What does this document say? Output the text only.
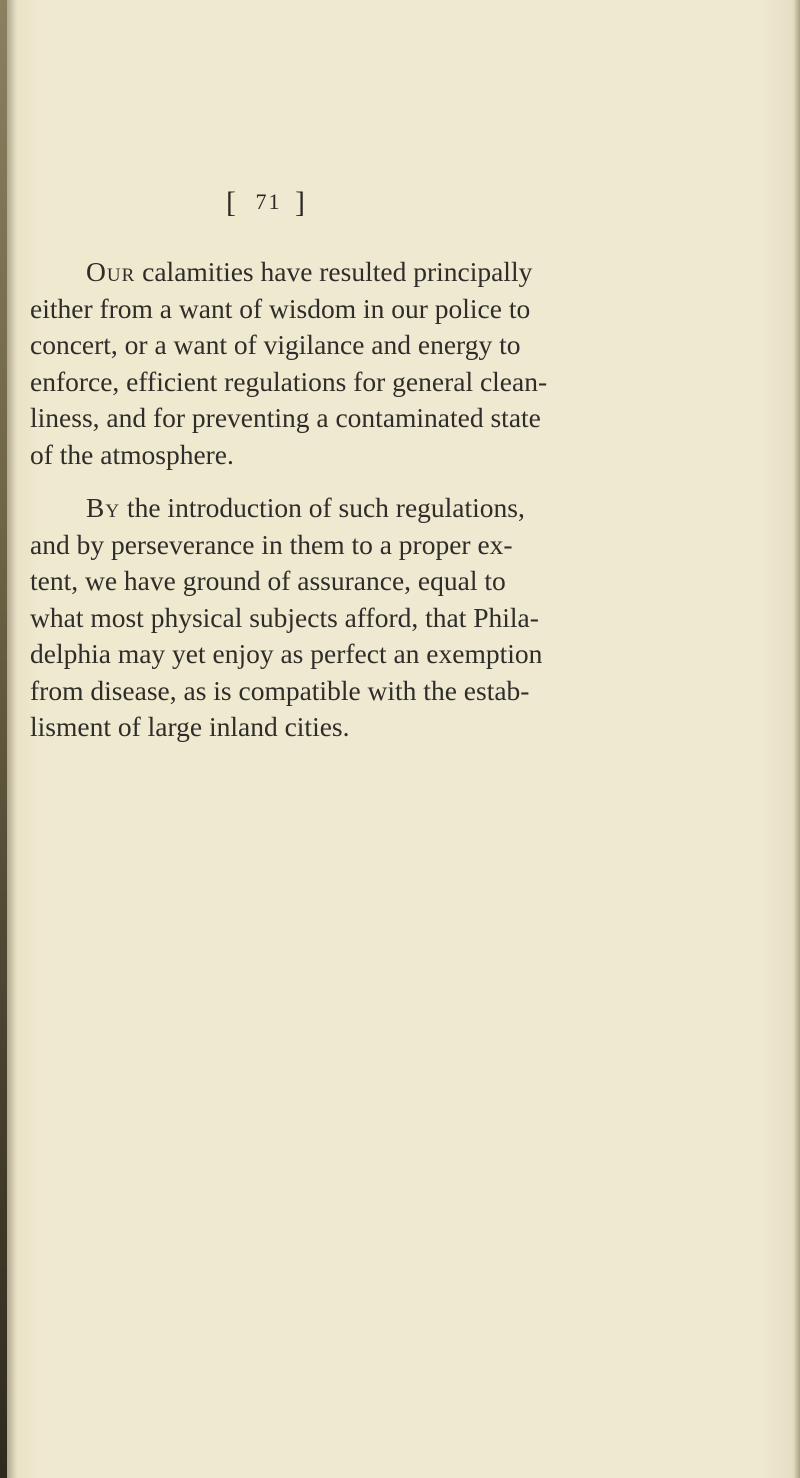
[ 71 ]

Our calamities have resulted principally
either from a want of wisdom in our police to
concert, or a want of vigilance and energy to
enforce, efficient regulations for general clean-
liness, and for preventing a contaminated state
of the atmosphere.

By the introduction of such regulations,
and by perseverance in them to a proper ex-
tent, we have ground of assurance, equal to
what most physical subjects afford, that Phila-
delphia may yet enjoy as perfect an exemption
from disease, as is compatible with the estab-
lisment of large inland cities.
